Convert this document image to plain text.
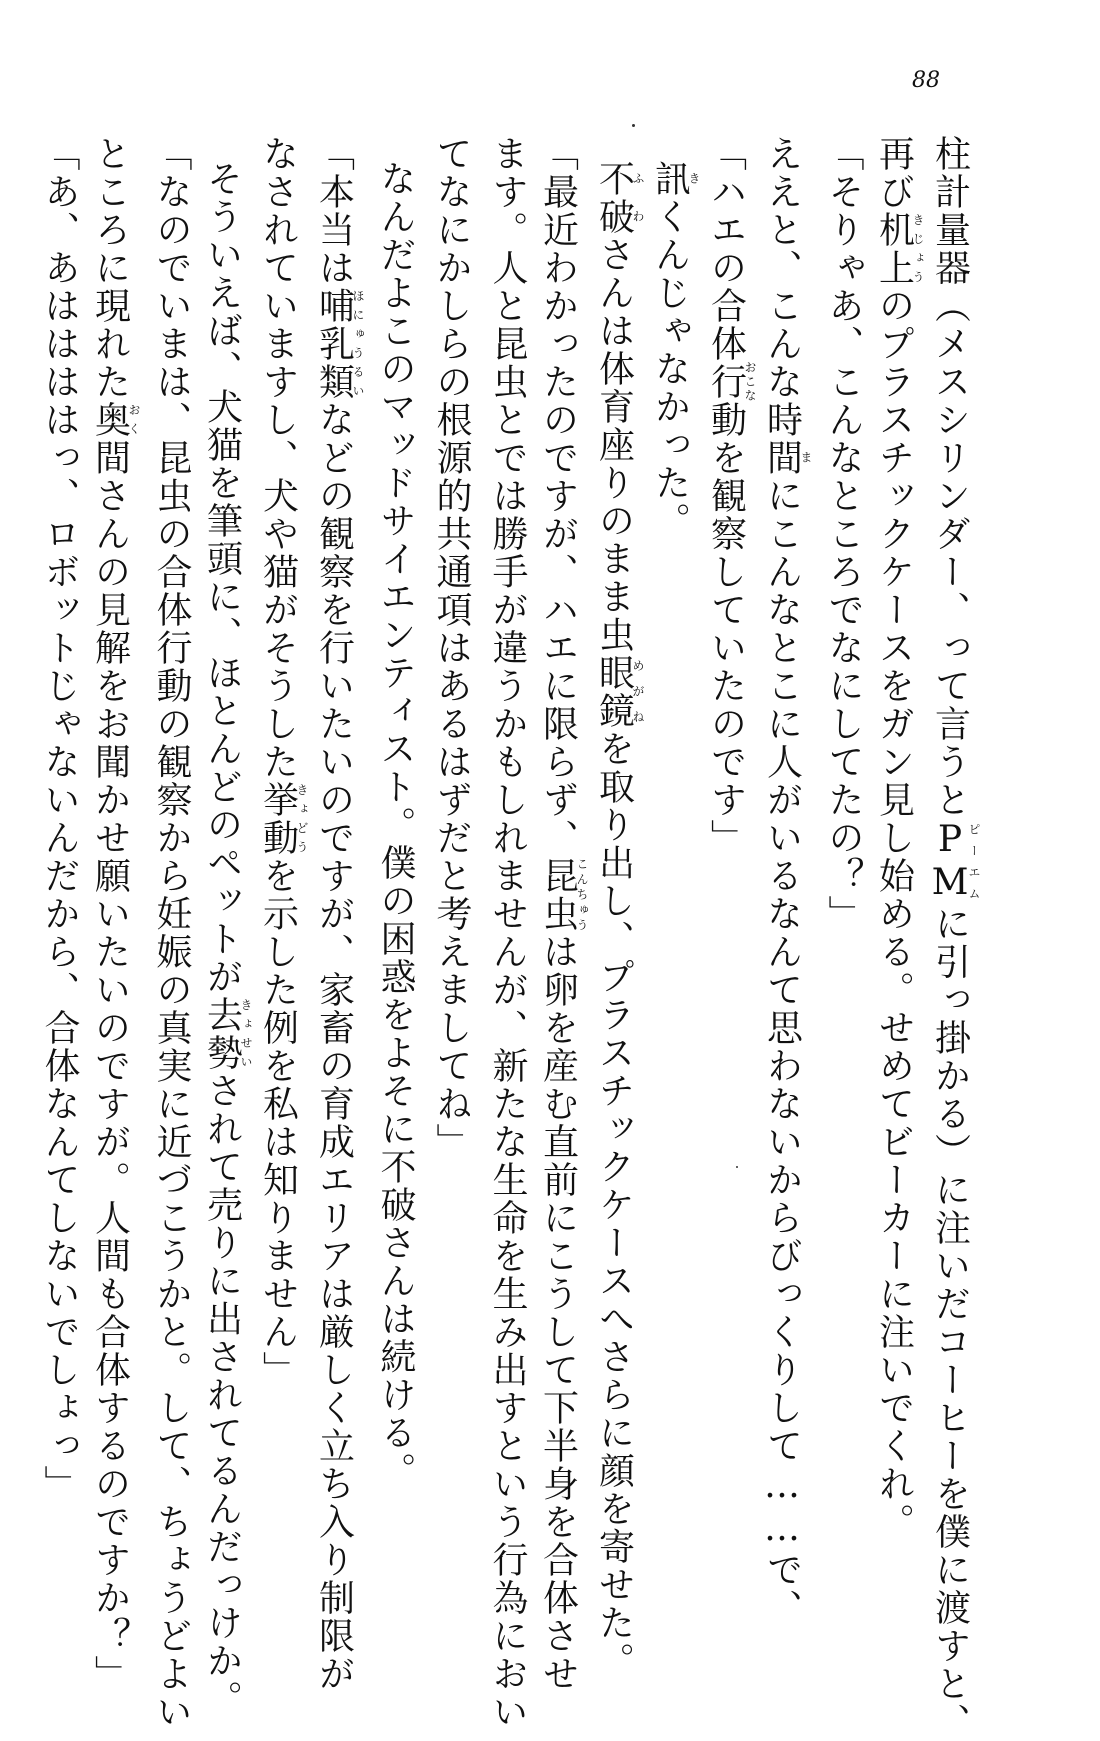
88
柱計量器（メスシリンダー、って言うとPMピーエムに引っ掛かる）に注いだコーヒーを僕に渡すと、
再び机上きじょうのプラスチックケースをガン見し始める。せめてビーカーに注いでくれ。
「そりゃあ、こんなところでなにしてたの？」
ええと、こんな時間まにこんなとこに人がいるなんて思わないからびっくりして……で、
「ハエの合体行おこな動を観察していたのです」
訊きくんじゃなかった。
不破ふわさんは体育座りのまま虫眼鏡めがねを取り出し、プラスチックケースへさらに顔を寄せた。
「最近わかったのですが、ハエに限らず、昆虫こんちゅうは卵を産む直前にこうして下半身を合体させ
ます。人と昆虫とでは勝手が違うかもしれませんが、新たな生命を生み出すという行為におい
てなにかしらの根源的共通項はあるはずだと考えましてね」
なんだよこのマッドサイエンティスト。僕の困惑をよそに不破さんは続ける。
「本当は哺乳類ほにゅうるいなどの観察を行いたいのですが、家畜の育成エリアは厳しく立ち入り制限が
なされていますし、犬や猫がそうした挙動きょどうを示した例を私は知りません」
そういえば、犬猫を筆頭に、ほとんどのペットが去勢きょせいされて売りに出されてるんだっけか。
「なのでいまは、昆虫の合体行動の観察から妊娠の真実に近づこうかと。して、ちょうどよい
ところに現れた奥おく間さんの見解をお聞かせ願いたいのですが。人間も合体するのですか？」
「あ、あははははっ、ロボットじゃないんだから、合体なんてしないでしょっ」
